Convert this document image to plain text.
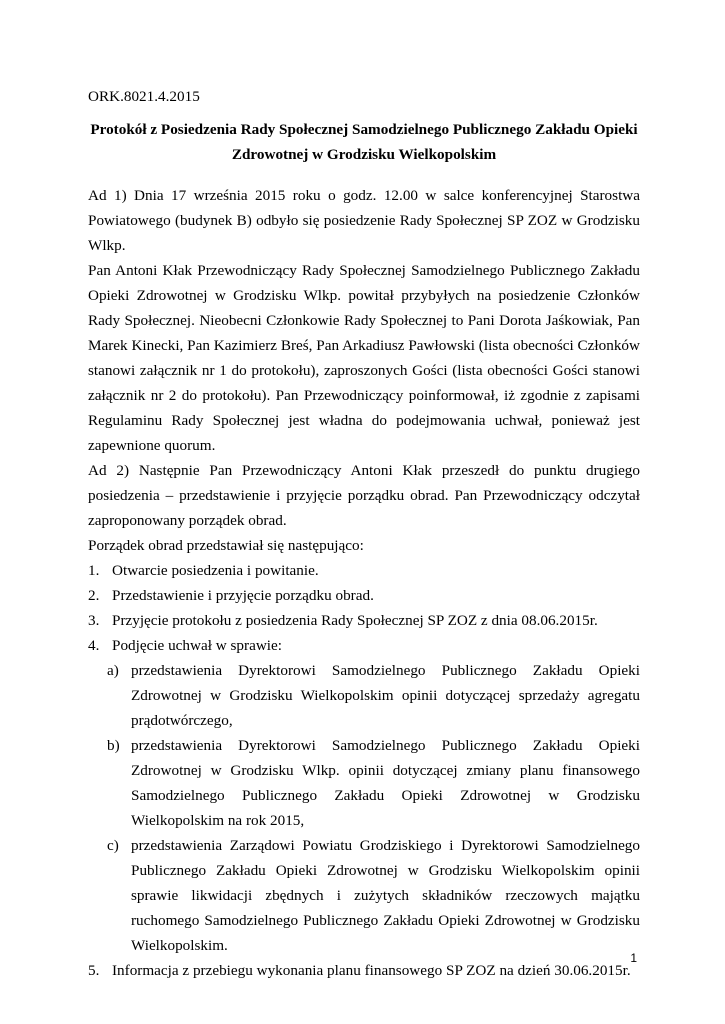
ORK.8021.4.2015

Protokół z Posiedzenia Rady Społecznej Samodzielnego Publicznego Zakładu Opieki
Zdrowotnej w Grodzisku Wielkopolskim

Ad 1) Dnia 17 września 2015 roku o godz. 12.00 w salce konferencyjnej Starostwa Powiatowego (budynek B) odbyło się posiedzenie Rady Społecznej SP ZOZ w Grodzisku Wlkp.

Pan Antoni Kłak Przewodniczący Rady Społecznej Samodzielnego Publicznego Zakładu Opieki Zdrowotnej w Grodzisku Wlkp. powitał przybyłych na posiedzenie Członków Rady Społecznej. Nieobecni Członkowie Rady Społecznej to Pani Dorota Jaśkowiak, Pan Marek Kinecki, Pan Kazimierz Breś, Pan Arkadiusz Pawłowski (lista obecności Członków stanowi załącznik nr 1 do protokołu), zaproszonych Gości (lista obecności Gości stanowi załącznik nr 2 do protokołu). Pan Przewodniczący poinformował, iż zgodnie z zapisami Regulaminu Rady Społecznej jest władna do podejmowania uchwał, ponieważ jest zapewnione quorum.

Ad 2) Następnie Pan Przewodniczący Antoni Kłak przeszedł do punktu drugiego posiedzenia – przedstawienie i przyjęcie porządku obrad. Pan Przewodniczący odczytał zaproponowany porządek obrad.

Porządek obrad przedstawiał się następująco:

1. Otwarcie posiedzenia i powitanie.
2. Przedstawienie i przyjęcie porządku obrad.
3. Przyjęcie protokołu z posiedzenia Rady Społecznej SP ZOZ z dnia 08.06.2015r.
4. Podjęcie uchwał w sprawie:
a) przedstawienia Dyrektorowi Samodzielnego Publicznego Zakładu Opieki Zdrowotnej w Grodzisku Wielkopolskim opinii dotyczącej sprzedaży agregatu prądotwórczego,
b) przedstawienia Dyrektorowi Samodzielnego Publicznego Zakładu Opieki Zdrowotnej w Grodzisku Wlkp. opinii dotyczącej zmiany planu finansowego Samodzielnego Publicznego Zakładu Opieki Zdrowotnej w Grodzisku Wielkopolskim na rok 2015,
c) przedstawienia Zarządowi Powiatu Grodziskiego i Dyrektorowi Samodzielnego Publicznego Zakładu Opieki Zdrowotnej w Grodzisku Wielkopolskim opinii sprawie likwidacji zbędnych i zużytych składników rzeczowych majątku ruchomego Samodzielnego Publicznego Zakładu Opieki Zdrowotnej w Grodzisku Wielkopolskim.
5. Informacja z przebiegu wykonania planu finansowego SP ZOZ na dzień 30.06.2015r.
1
